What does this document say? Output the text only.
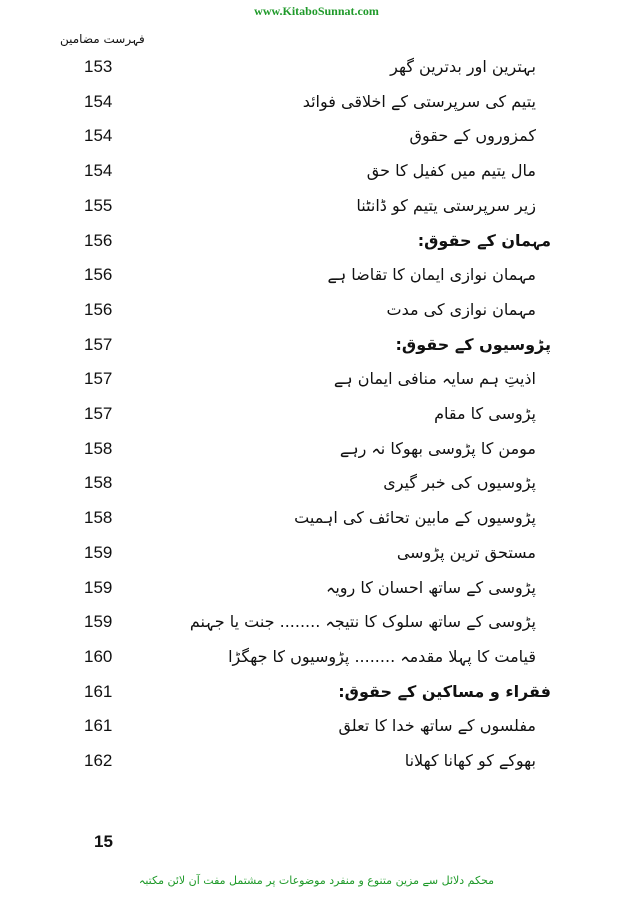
www.KitaboSunnat.com
فہرست مضامین
153	بہترین اور بدترین گھر
154	یتیم کی سرپرستی کے اخلاقی فوائد
154	کمزوروں کے حقوق
154	مال یتیم میں کفیل کا حق
155	زیر سرپرستی یتیم کو ڈانٹنا
156	مہمان کے حقوق:
156	مہمان نوازی ایمان کا تقاضا ہے
156	مہمان نوازی کی مدت
157	پڑوسیوں کے حقوق:
157	اذیتِ ہم سایہ منافی ایمان ہے
157	پڑوسی کا مقام
158	مومن کا پڑوسی بھوکا نہ رہے
158	پڑوسیوں کی خبر گیری
158	پڑوسیوں کے مابین تحائف کی اہمیت
159	مستحق ترین پڑوسی
159	پڑوسی کے ساتھ احسان کا رویہ
159	پڑوسی کے ساتھ سلوک کا نتیجہ ........ جنت یا جہنم
160	قیامت کا پہلا مقدمہ ........ پڑوسیوں کا جھگڑا
161	فقراء و مساکین کے حقوق:
161	مفلسوں کے ساتھ خدا کا تعلق
162	بھوکے کو کھانا کھلانا
15
محکم دلائل سے مزین متنوع و منفرد موضوعات پر مشتمل مفت آن لائن مکتبہ
